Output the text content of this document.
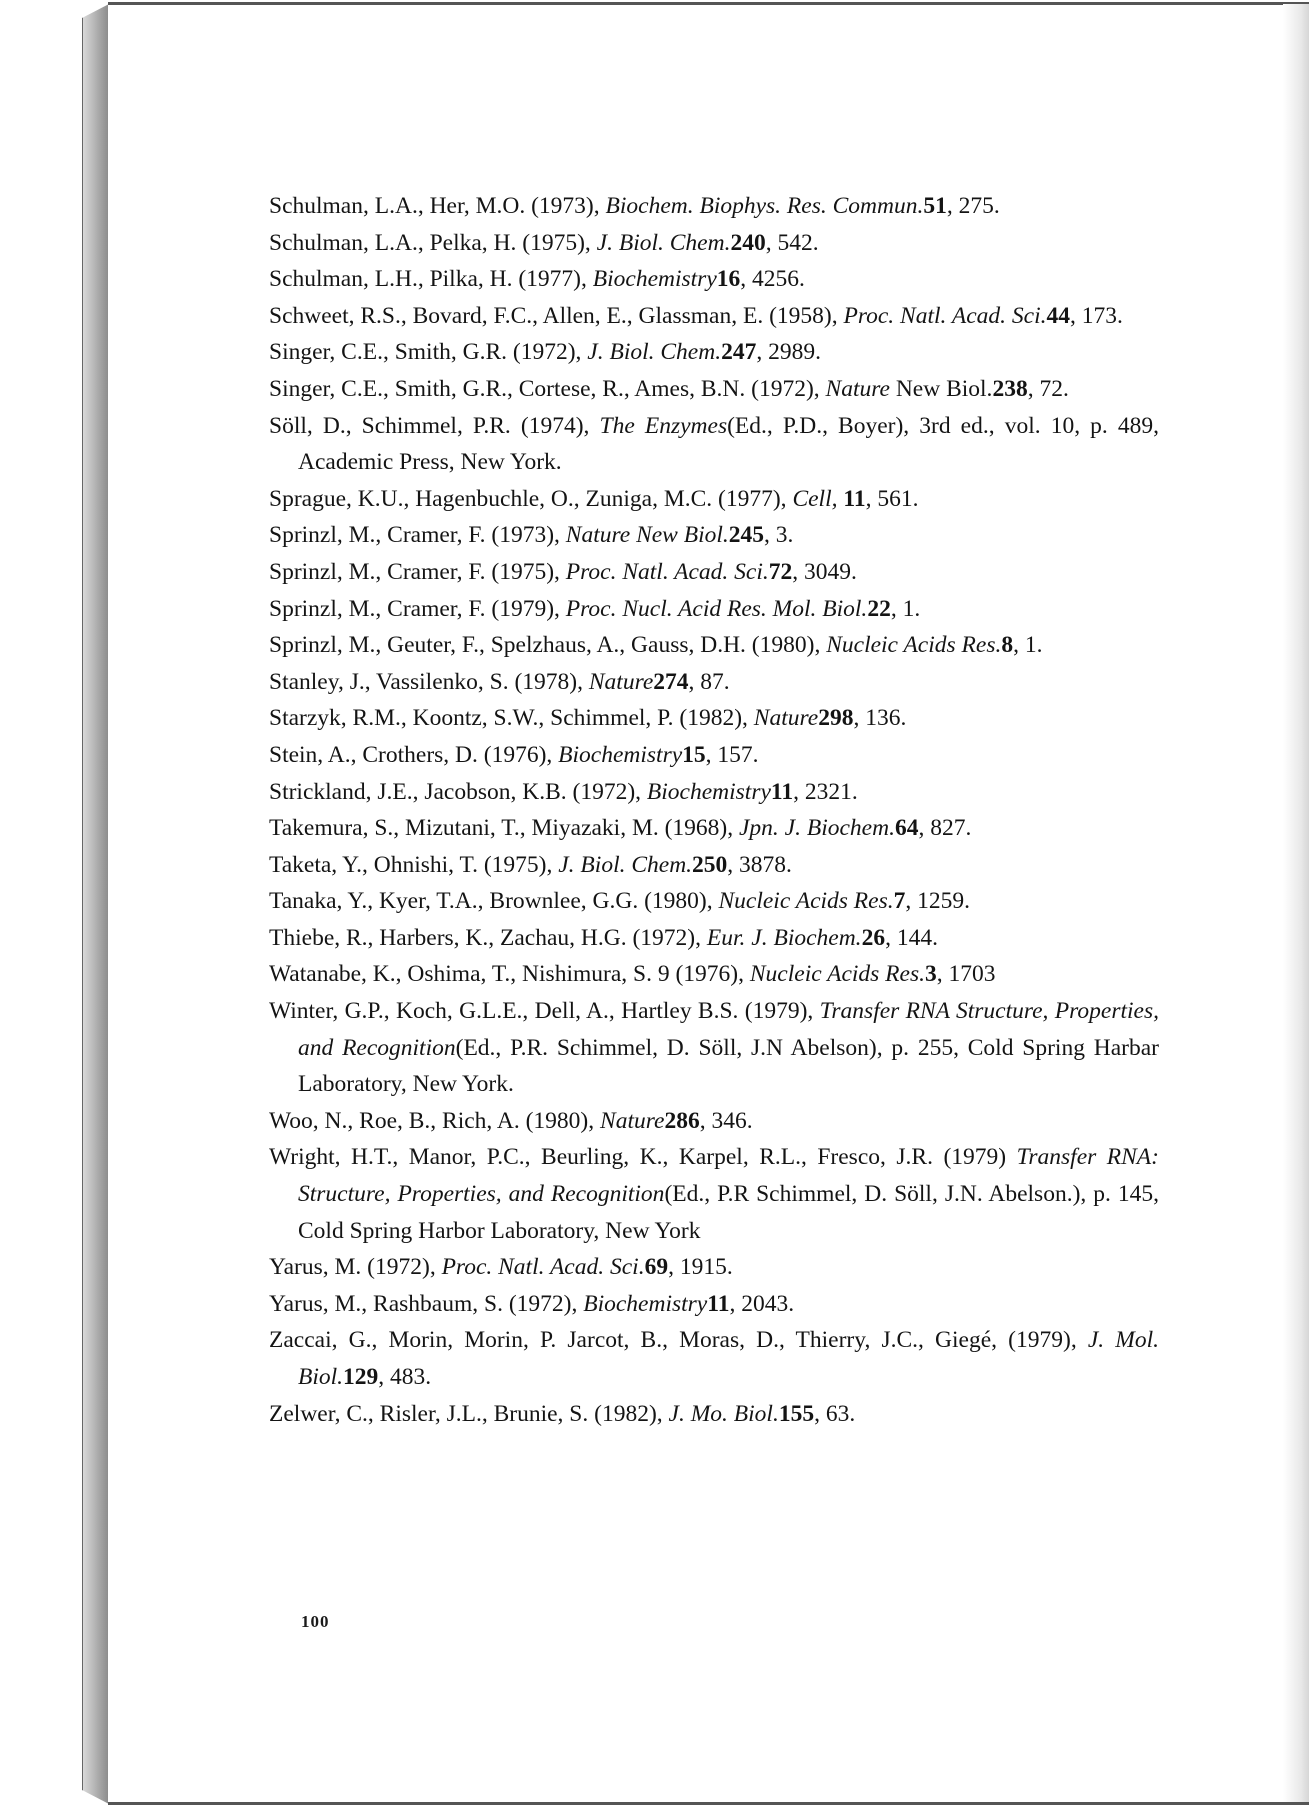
Schulman, L.A., Her, M.O. (1973), Biochem. Biophys. Res. Commun.51, 275.
Schulman, L.A., Pelka, H. (1975), J. Biol. Chem.240, 542.
Schulman, L.H., Pilka, H. (1977), Biochemistry16, 4256.
Schweet, R.S., Bovard, F.C., Allen, E., Glassman, E. (1958), Proc. Natl. Acad. Sci.44, 173.
Singer, C.E., Smith, G.R. (1972), J. Biol. Chem.247, 2989.
Singer, C.E., Smith, G.R., Cortese, R., Ames, B.N. (1972), Nature New Biol.238, 72.
Söll, D., Schimmel, P.R. (1974), The Enzymes(Ed., P.D., Boyer), 3rd ed., vol. 10, p. 489, Academic Press, New York.
Sprague, K.U., Hagenbuchle, O., Zuniga, M.C. (1977), Cell, 11, 561.
Sprinzl, M., Cramer, F. (1973), Nature New Biol.245, 3.
Sprinzl, M., Cramer, F. (1975), Proc. Natl. Acad. Sci.72, 3049.
Sprinzl, M., Cramer, F. (1979), Proc. Nucl. Acid Res. Mol. Biol.22, 1.
Sprinzl, M., Geuter, F., Spelzhaus, A., Gauss, D.H. (1980), Nucleic Acids Res.8, 1.
Stanley, J., Vassilenko, S. (1978), Nature274, 87.
Starzyk, R.M., Koontz, S.W., Schimmel, P. (1982), Nature298, 136.
Stein, A., Crothers, D. (1976), Biochemistry15, 157.
Strickland, J.E., Jacobson, K.B. (1972), Biochemistry11, 2321.
Takemura, S., Mizutani, T., Miyazaki, M. (1968), Jpn. J. Biochem.64, 827.
Taketa, Y., Ohnishi, T. (1975), J. Biol. Chem.250, 3878.
Tanaka, Y., Kyer, T.A., Brownlee, G.G. (1980), Nucleic Acids Res.7, 1259.
Thiebe, R., Harbers, K., Zachau, H.G. (1972), Eur. J. Biochem.26, 144.
Watanabe, K., Oshima, T., Nishimura, S. 9 (1976), Nucleic Acids Res.3, 1703
Winter, G.P., Koch, G.L.E., Dell, A., Hartley B.S. (1979), Transfer RNA Structure, Properties, and Recognition(Ed., P.R. Schimmel, D. Söll, J.N Abelson), p. 255, Cold Spring Harbar Laboratory, New York.
Woo, N., Roe, B., Rich, A. (1980), Nature286, 346.
Wright, H.T., Manor, P.C., Beurling, K., Karpel, R.L., Fresco, J.R. (1979) Transfer RNA: Structure, Properties, and Recognition(Ed., P.R Schimmel, D. Söll, J.N. Abelson.), p. 145, Cold Spring Harbor Laboratory, New York
Yarus, M. (1972), Proc. Natl. Acad. Sci.69, 1915.
Yarus, M., Rashbaum, S. (1972), Biochemistry11, 2043.
Zaccai, G., Morin, Morin, P. Jarcot, B., Moras, D., Thierry, J.C., Giegé, (1979), J. Mol. Biol.129, 483.
Zelwer, C., Risler, J.L., Brunie, S. (1982), J. Mo. Biol.155, 63.
100
